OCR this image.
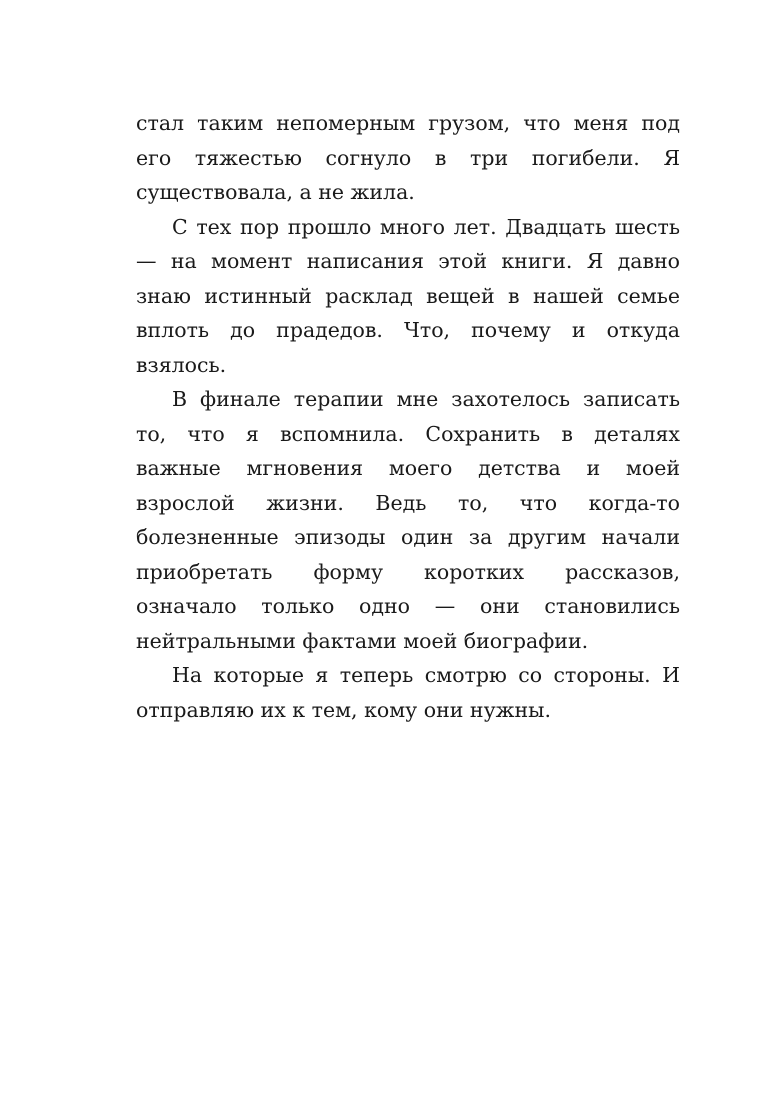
стал таким непомерным грузом, что меня под его тяжестью согнуло в три погибели. Я существовала, а не жила.

С тех пор прошло много лет. Двадцать шесть — на момент написания этой книги. Я давно знаю истинный расклад вещей в нашей семье вплоть до прадедов. Что, почему и откуда взялось.

В финале терапии мне захотелось записать то, что я вспомнила. Сохранить в деталях важные мгновения моего детства и моей взрослой жизни. Ведь то, что когда-то болезненные эпизоды один за другим начали приобретать форму коротких рассказов, означало только одно — они становились нейтральными фактами моей биографии.

На которые я теперь смотрю со стороны. И отправляю их к тем, кому они нужны.
